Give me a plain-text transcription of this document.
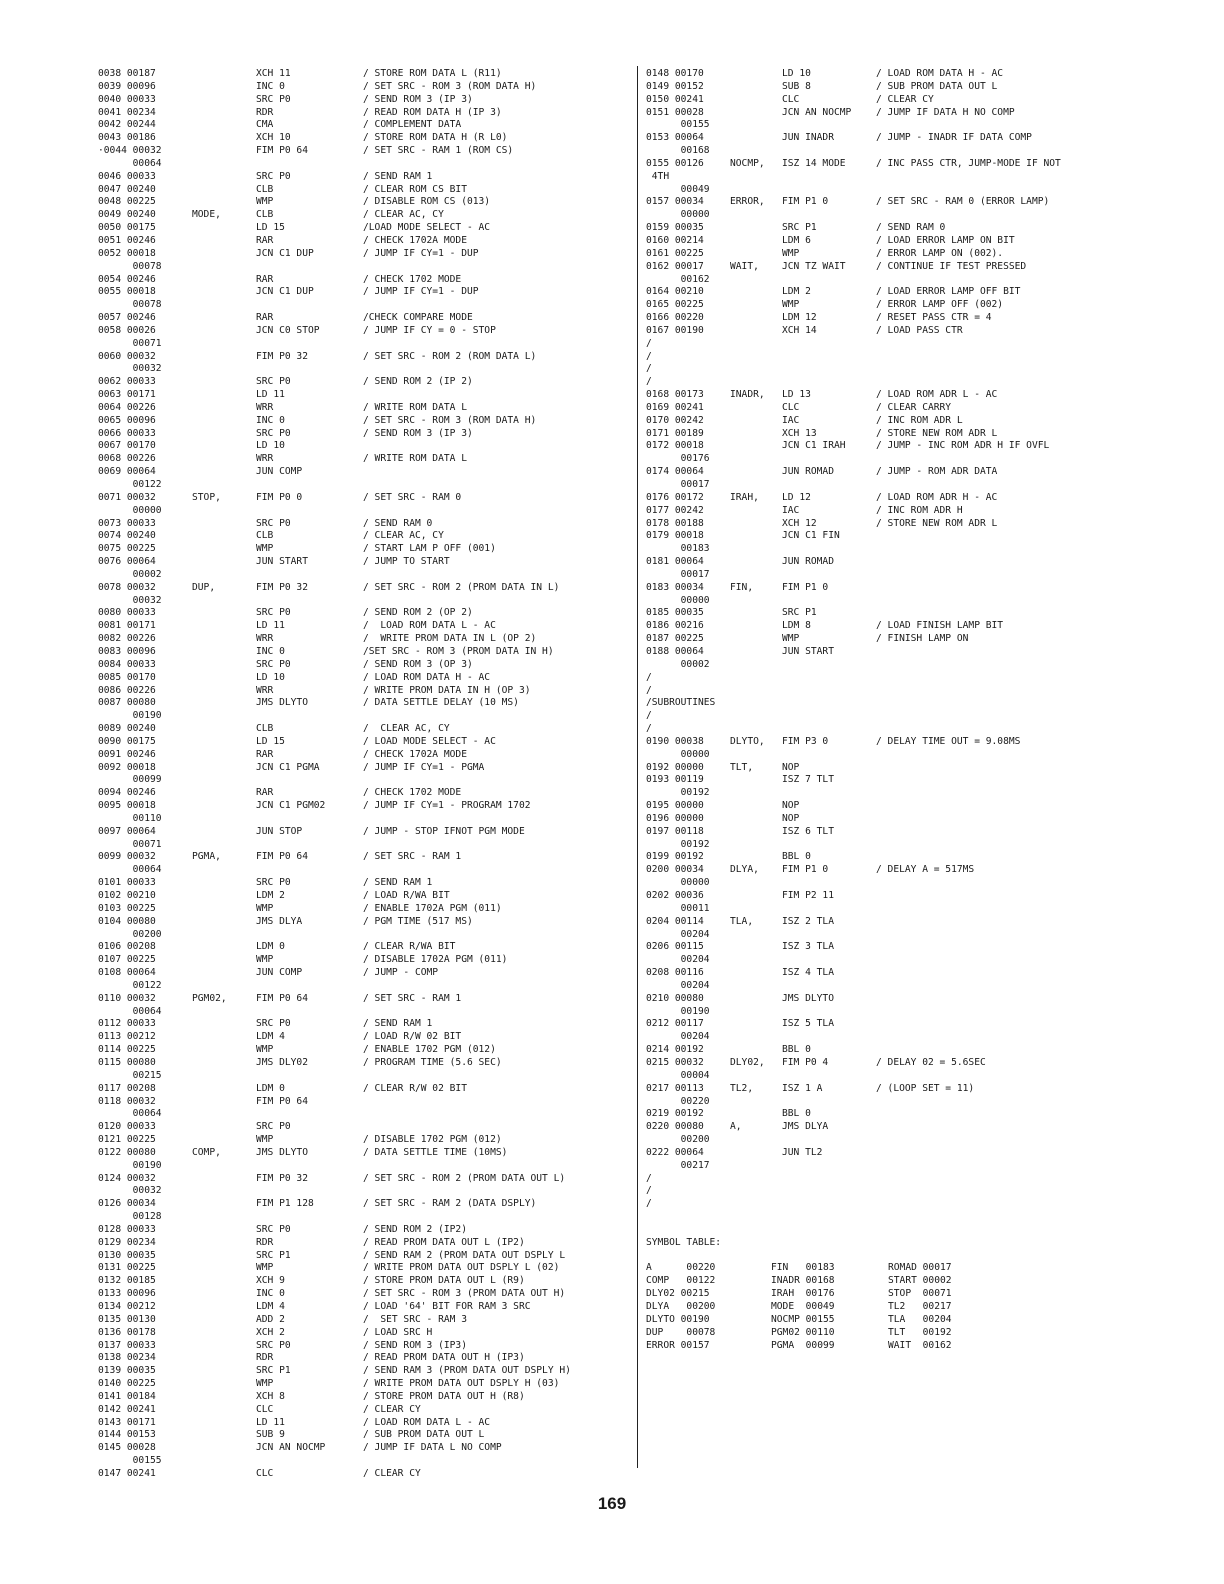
0038 00187	XCH 11	/ STORE ROM DATA L (R11)
0039 00096	INC 0	/ SET SRC - ROM 3 (ROM DATA H)
0040 00033	SRC P0	/ SEND ROM 3 (IP 3)
0041 00234	RDR	/ READ ROM DATA H (IP 3)
0042 00244	CMA	/ COMPLEMENT DATA
0043 00186	XCH 10	/ STORE ROM DATA H (R L0)
·0044 00032	FIM P0 64	/ SET SRC - RAM 1 (ROM CS)
00064
0046 00033	SRC P0	/ SEND RAM 1
0047 00240	CLB	/ CLEAR ROM CS BIT
0048 00225	WMP	/ DISABLE ROM CS (013)
0049 00240	MODE,	CLB	/ CLEAR AC, CY
0050 00175	LD 15	/LOAD MODE SELECT - AC
0051 00246	RAR	/ CHECK 1702A MODE
0052 00018	JCN C1 DUP	/ JUMP IF CY=1 - DUP
00078
0054 00246	RAR	/ CHECK 1702 MODE
0055 00018	JCN C1 DUP	/ JUMP IF CY=1 - DUP
00078
0057 00246	RAR	/CHECK COMPARE MODE
0058 00026	JCN C0 STOP	/ JUMP IF CY = 0 - STOP
00071
0060 00032	FIM P0 32	/ SET SRC - ROM 2 (ROM DATA L)
00032
0062 00033	SRC P0	/ SEND ROM 2 (IP 2)
0063 00171	LD 11
0064 00226	WRR	/ WRITE ROM DATA L
0065 00096	INC 0	/ SET SRC - ROM 3 (ROM DATA H)
0066 00033	SRC P0	/ SEND ROM 3 (IP 3)
0067 00170	LD 10
0068 00226	WRR	/ WRITE ROM DATA L
0069 00064	JUN COMP
00122
0071 00032	STOP,	FIM P0 0	/ SET SRC - RAM 0
00000
0073 00033	SRC P0	/ SEND RAM 0
0074 00240	CLB	/ CLEAR AC, CY
0075 00225	WMP	/ START LAM P OFF (001)
0076 00064	JUN START	/ JUMP TO START
00002
0078 00032	DUP,	FIM P0 32	/ SET SRC - ROM 2 (PROM DATA IN L)
00032
0080 00033	SRC P0	/ SEND ROM 2 (OP 2)
0081 00171	LD 11	/  LOAD ROM DATA L - AC
0082 00226	WRR	/  WRITE PROM DATA IN L (OP 2)
0083 00096	INC 0	/SET SRC - ROM 3 (PROM DATA IN H)
0084 00033	SRC P0	/ SEND ROM 3 (OP 3)
0085 00170	LD 10	/ LOAD ROM DATA H - AC
0086 00226	WRR	/ WRITE PROM DATA IN H (OP 3)
0087 00080	JMS DLYTO	/ DATA SETTLE DELAY (10 MS)
00190
0089 00240	CLB	/  CLEAR AC, CY
0090 00175	LD 15	/ LOAD MODE SELECT - AC
0091 00246	RAR	/ CHECK 1702A MODE
0092 00018	JCN C1 PGMA	/ JUMP IF CY=1 - PGMA
00099
0094 00246	RAR	/ CHECK 1702 MODE
0095 00018	JCN C1 PGM02	/ JUMP IF CY=1 - PROGRAM 1702
00110
0097 00064	JUN STOP	/ JUMP - STOP IFNOT PGM MODE
00071
0099 00032	PGMA,	FIM P0 64	/ SET SRC - RAM 1
00064
0101 00033	SRC P0	/ SEND RAM 1
0102 00210	LDM 2	/ LOAD R/WA BIT
0103 00225	WMP	/ ENABLE 1702A PGM (011)
0104 00080	JMS DLYA	/ PGM TIME (517 MS)
00200
0106 00208	LDM 0	/ CLEAR R/WA BIT
0107 00225	WMP	/ DISABLE 1702A PGM (011)
0108 00064	JUN COMP	/ JUMP - COMP
00122
0110 00032	PGM02,	FIM P0 64	/ SET SRC - RAM 1
00064
0112 00033	SRC P0	/ SEND RAM 1
0113 00212	LDM 4	/ LOAD R/W 02 BIT
0114 00225	WMP	/ ENABLE 1702 PGM (012)
0115 00080	JMS DLY02	/ PROGRAM TIME (5.6 SEC)
00215
0117 00208	LDM 0	/ CLEAR R/W 02 BIT
0118 00032	FIM P0 64
00064
0120 00033	SRC P0
0121 00225	WMP	/ DISABLE 1702 PGM (012)
0122 00080	COMP,	JMS DLYTO	/ DATA SETTLE TIME (10MS)
00190
0124 00032	FIM P0 32	/ SET SRC - ROM 2 (PROM DATA OUT L)
00032
0126 00034	FIM P1 128	/ SET SRC - RAM 2 (DATA DSPLY)
00128
0128 00033	SRC P0	/ SEND ROM 2 (IP2)
0129 00234	RDR	/ READ PROM DATA OUT L (IP2)
0130 00035	SRC P1	/ SEND RAM 2 (PROM DATA OUT DSPLY L
0131 00225	WMP	/ WRITE PROM DATA OUT DSPLY L (02)
0132 00185	XCH 9	/ STORE PROM DATA OUT L (R9)
0133 00096	INC 0	/ SET SRC - ROM 3 (PROM DATA OUT H)
0134 00212	LDM 4	/ LOAD '64' BIT FOR RAM 3 SRC
0135 00130	ADD 2	/  SET SRC - RAM 3
0136 00178	XCH 2	/ LOAD SRC H
0137 00033	SRC P0	/ SEND ROM 3 (IP3)
0138 00234	RDR	/ READ PROM DATA OUT H (IP3)
0139 00035	SRC P1	/ SEND RAM 3 (PROM DATA OUT DSPLY H)
0140 00225	WMP	/ WRITE PROM DATA OUT DSPLY H (03)
0141 00184	XCH 8	/ STORE PROM DATA OUT H (R8)
0142 00241	CLC	/ CLEAR CY
0143 00171	LD 11	/ LOAD ROM DATA L - AC
0144 00153	SUB 9	/ SUB PROM DATA OUT L
0145 00028	JCN AN NOCMP	/ JUMP IF DATA L NO COMP
00155
0147 00241	CLC	/ CLEAR CY
0148 00170	LD 10	/ LOAD ROM DATA H - AC
0149 00152	SUB 8	/ SUB PROM DATA OUT L
0150 00241	CLC	/ CLEAR CY
0151 00028	JCN AN NOCMP	/ JUMP IF DATA H NO COMP
00155
0153 00064	JUN INADR	/ JUMP - INADR IF DATA COMP
00168
0155 00126	NOCMP, ISZ 14 MODE	/ INC PASS CTR, JUMP-MODE IF NOT
4TH
00049
0157 00034	ERROR, FIM P1 0	/ SET SRC - RAM 0 (ERROR LAMP)
00000
0159 00035	SRC P1	/ SEND RAM 0
0160 00214	LDM 6	/ LOAD ERROR LAMP ON BIT
0161 00225	WMP	/ ERROR LAMP ON (002).
0162 00017	WAIT, JCN TZ WAIT	/ CONTINUE IF TEST PRESSED
00162
0164 00210	LDM 2	/ LOAD ERROR LAMP OFF BIT
0165 00225	WMP	/ ERROR LAMP OFF (002)
0166 00220	LDM 12	/ RESET PASS CTR = 4
0167 00190	XCH 14	/ LOAD PASS CTR
/
/
/
/
0168 00173	INADR, LD 13	/ LOAD ROM ADR L - AC
0169 00241	CLC	/ CLEAR CARRY
0170 00242	IAC	/ INC ROM ADR L
0171 00189	XCH 13	/ STORE NEW ROM ADR L
0172 00018	JCN C1 IRAH	/ JUMP - INC ROM ADR H IF OVFL
00176
0174 00064	JUN ROMAD	/ JUMP - ROM ADR DATA
00017
0176 00172	IRAH, LD 12	/ LOAD ROM ADR H - AC
0177 00242	IAC	/ INC ROM ADR H
0178 00188	XCH 12	/ STORE NEW ROM ADR L
0179 00018	JCN C1 FIN
00183
0181 00064	JUN ROMAD
00017
0183 00034	FIN,	FIM P1 0
00000
0185 00035	SRC P1
0186 00216	LDM 8	/ LOAD FINISH LAMP BIT
0187 00225	WMP	/ FINISH LAMP ON
0188 00064	JUN START
00002
/
/
/SUBROUTINES
/
/
0190 00038	DLYTO, FIM P3 0	/ DELAY TIME OUT = 9.08MS
00000
0192 00000	TLT,	NOP
0193 00119	ISZ 7 TLT
00192
0195 00000	NOP
0196 00000	NOP
0197 00118	ISZ 6 TLT
00192
0199 00192	BBL 0
0200 00034	DLYA, FIM P1 0	/ DELAY A = 517MS
00000
0202 00036	FIM P2 11
00011
0204 00114	TLA,	ISZ 2 TLA
00204
0206 00115	ISZ 3 TLA
00204
0208 00116	ISZ 4 TLA
00204
0210 00080	JMS DLYTO
00190
0212 00117	ISZ 5 TLA
00204
0214 00192	BBL 0
0215 00032	DLY02, FIM P0 4	/ DELAY 02 = 5.6SEC
00004
0217 00113	TL2,	ISZ 1 A	/ (LOOP SET = 11)
00220
0219 00192	BBL 0
0220 00080	A,	JMS DLYA
00200
0222 00064	JUN TL2
00217
/
/
/
SYMBOL TABLE:
A      00220	FIN   00183	ROMAD 00017
COMP   00122	INADR 00168	START 00002
DLY02 00215	IRAH  00176	STOP  00071
DLYA   00200	MODE  00049	TL2   00217
DLYTO 00190	NOCMP 00155	TLA   00204
DUP    00078	PGM02 00110	TLT   00192
ERROR 00157	PGMA  00099	WAIT  00162
169
